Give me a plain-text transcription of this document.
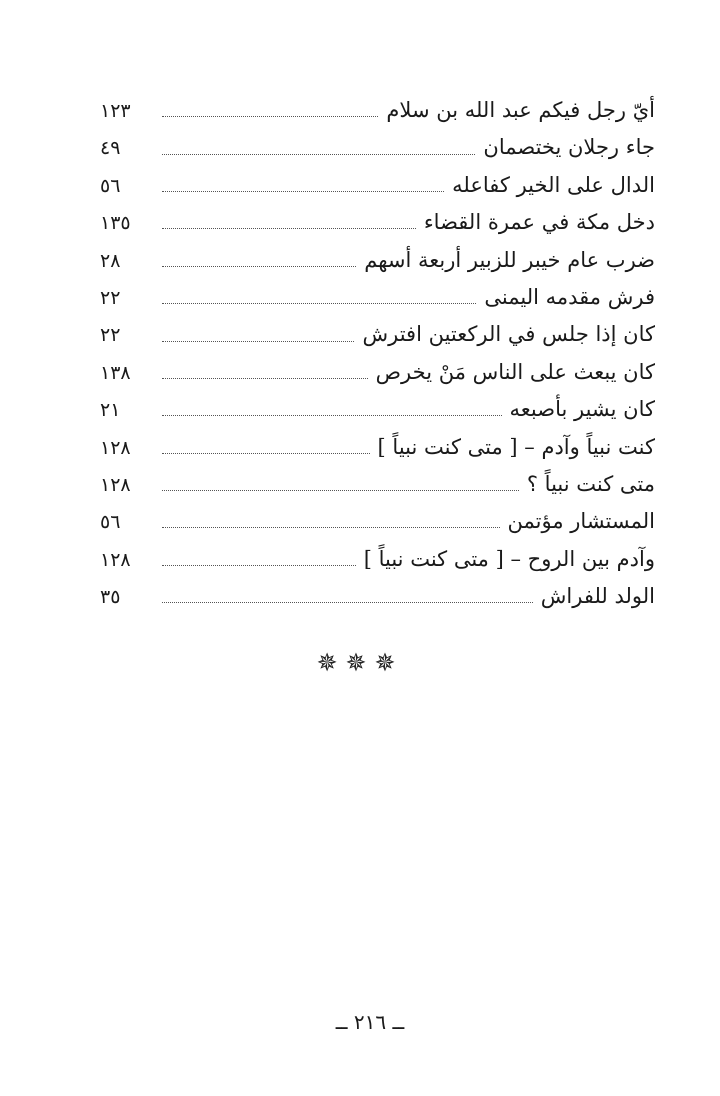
أيّ رجل فيكم عبد الله بن سلام
١٢٣
جاء رجلان يختصمان
٤٩
الدال على الخير كفاعله
٥٦
دخل مكة في عمرة القضاء
١٣٥
ضرب عام خيبر للزبير أربعة أسهم
٢٨
فرش مقدمه اليمنى
٢٢
كان إذا جلس في الركعتين افترش
٢٢
كان يبعث على الناس مَنْ يخرص
١٣٨
كان يشير بأصبعه
٢١
كنت نبياً وآدم – [ متى كنت نبياً ]
١٢٨
متى كنت نبياً ؟
١٢٨
المستشار مؤتمن
٥٦
وآدم بين الروح – [ متى كنت نبياً ]
١٢٨
الولد للفراش
٣٥
✵✵✵
ــ ٢١٦ ــ
